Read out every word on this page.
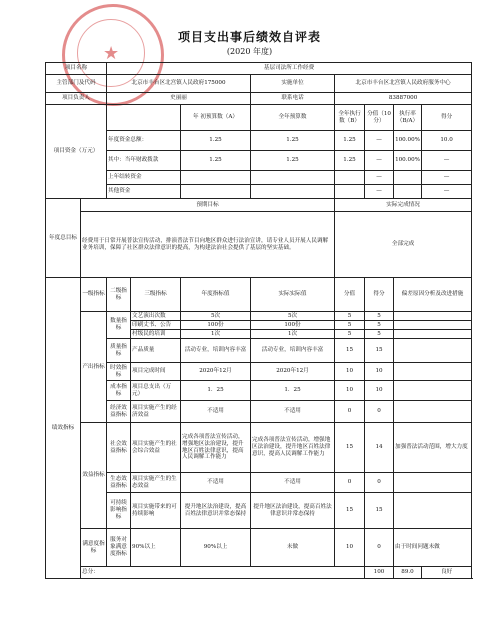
★
项目支出事后绩效自评表
(2020 年度)
项目名称		基层司法所工作经费							
主管部门及代码		北京市丰台区北宫镇人民政府175000			实施单位	北京市丰台区北宫镇人民政府服务中心			
项目负责人		史丽丽			联系电话	83887000			
项目资金（万元）				年 初预算数（A）	全年预算数	全年执行数（B）	分值（10分）	执行率（B/A）	得分
		年度资金总额：		1.25	1.25	1.25	—	100.00%	10.0
		其中：当年财政拨款		1.25	1.25	1.25	—	100.00%	—
		上年结转资金					—		—
		其他资金					—		—
年度总目标	预期目标					实际完成情况			
	经费用于日常开展普法宣传活动，排演普法节目向地区群众进行法治宣讲，请专业人员开展人民调解业务培训，保障了社区群众法律意识的提高，为构建法治社会提供了基层的坚实基础。					全部完成			
绩效指标	一级指标	二级指标	三级指标	年度指标值	实际实际值	分值	得分	偏差原因分析及改进措施	
	产出指标	数量指标	文艺演出次数	5次	5次	5	5		
			印刷丈书、公告	100份	100份	5	5		
			村级民的培训	1次	1次	5	5		
		质量指标	产品质量	活动专业，培训内容丰富	活动专业，培训内容丰富	15	15		
		时效指标	项目完成时间	2020年12月	2020年12月	10	10		
		成本指标	项目总支出（万元）	1．25	1．25	10	10		
		经济效益指标	项目实施产生的经济效益	不适用	不适用	0	0		
	效益指标	社会效益指标	项目实施产生的社会综合效益	完成各项普法宣传活动，增强地区法治建设，提升地区百姓法律意识，提高人民调解工作能力	完成各项普法宣传活动，增强地区法治建设，提升地区百姓法律意识，提高人民调解工作能力	15	14	加强普法活动范围，增大力度	
		生态效益指标	项目实施产生的生态效益	不适用	不适用	0	0		
		可持续影响指标	项目实施带来的可持续影响	提升地区法治建设，提高百姓法律意识并常态保持	提升地区法治建设，提高百姓法律意识并常态保持	15	15		
	满意度指标	服务对象满意度指标	90%以上	90%以上	未做	10	0	由于时间问题未做	
	总分：						100	89.0	良好
